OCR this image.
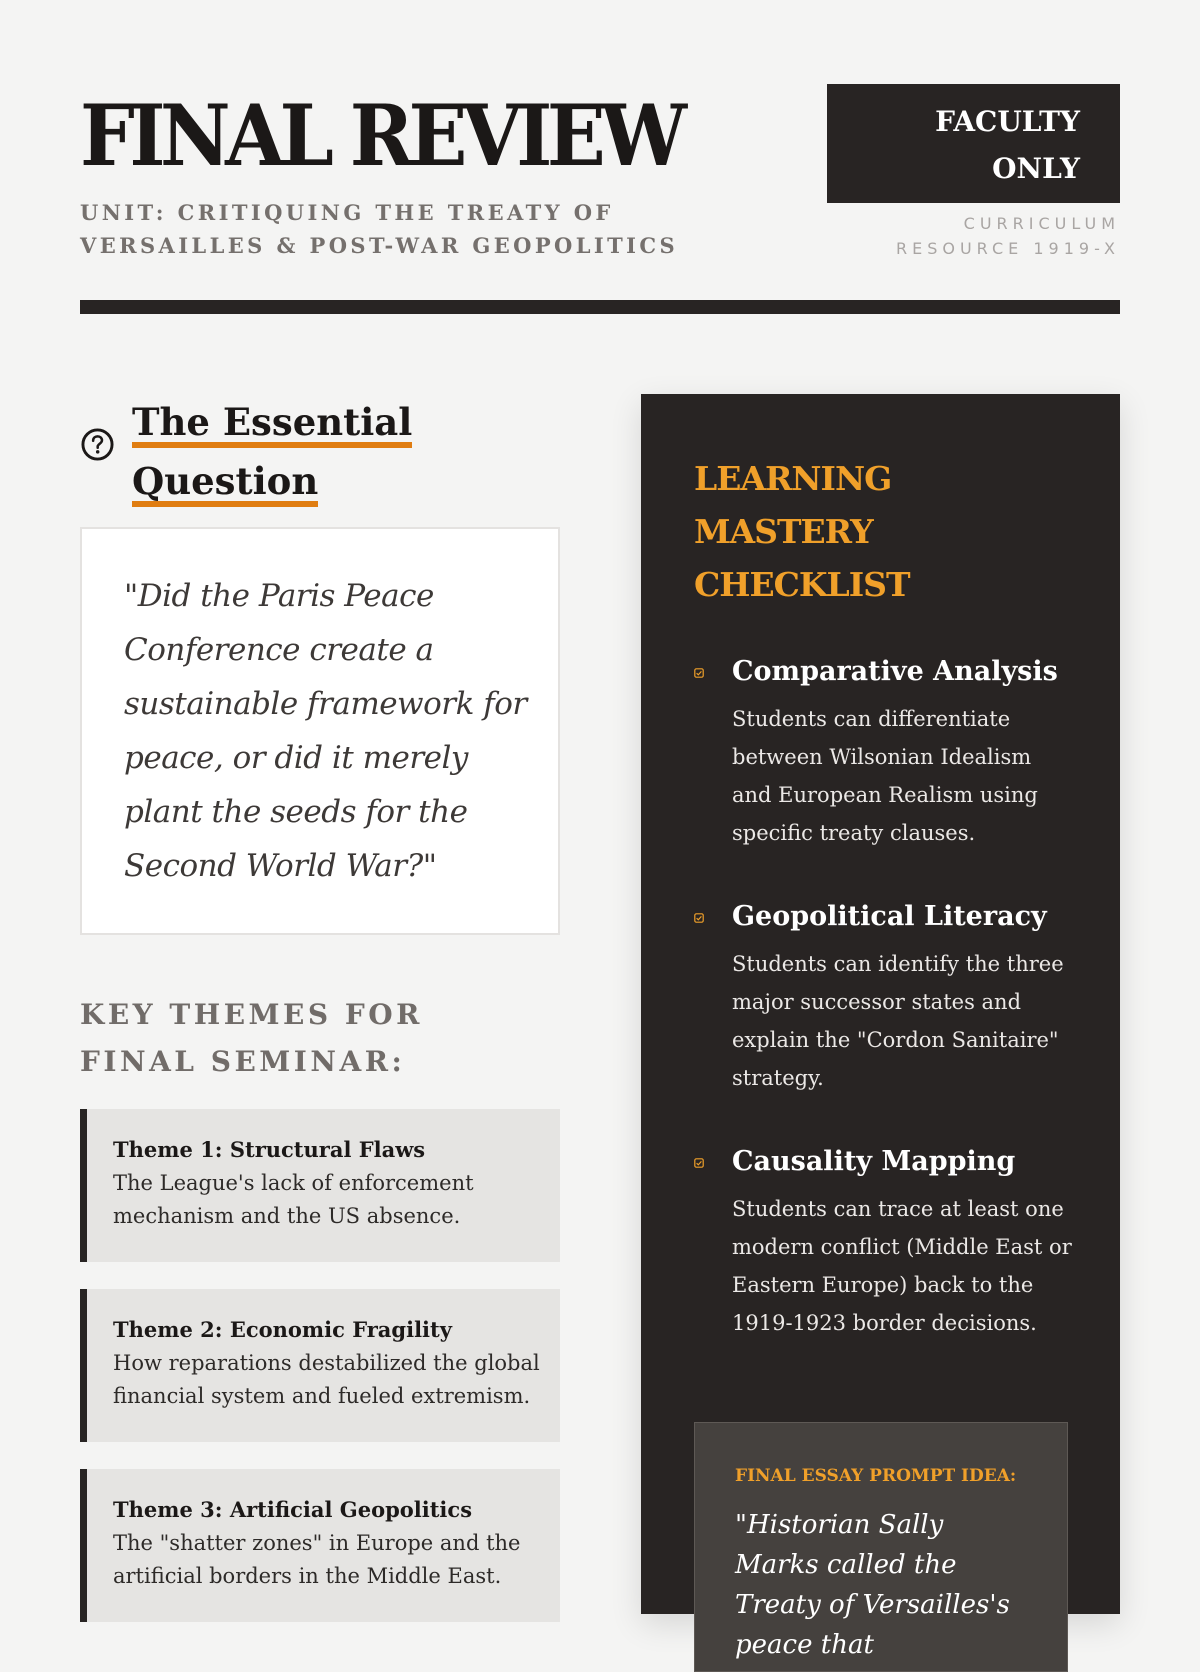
FINAL REVIEW
UNIT: CRITIQUING THE TREATY OF VERSAILLES & POST-WAR GEOPOLITICS
FACULTY
ONLY
CURRICULUM
RESOURCE 1919-X
The Essential
Question

"Did the Paris Peace Conference create a sustainable framework for peace, or did it merely plant the seeds for the Second World War?"

KEY THEMES FOR FINAL SEMINAR:
Theme 1: Structural Flaws
The League's lack of enforcement mechanism and the US absence.
Theme 2: Economic Fragility
How reparations destabilized the global financial system and fueled extremism.
Theme 3: Artificial Geopolitics
The "shatter zones" in Europe and the artificial borders in the Middle East.
LEARNING MASTERY CHECKLIST
Comparative Analysis
Students can differentiate between Wilsonian Idealism and European Realism using specific treaty clauses.
Geopolitical Literacy
Students can identify the three major successor states and explain the "Cordon Sanitaire" strategy.
Causality Mapping
Students can trace at least one modern conflict (Middle East or Eastern Europe) back to the 1919-1923 border decisions.
FINAL ESSAY PROMPT IDEA:
"Historian Sally Marks called the Treaty of Versailles's peace that
